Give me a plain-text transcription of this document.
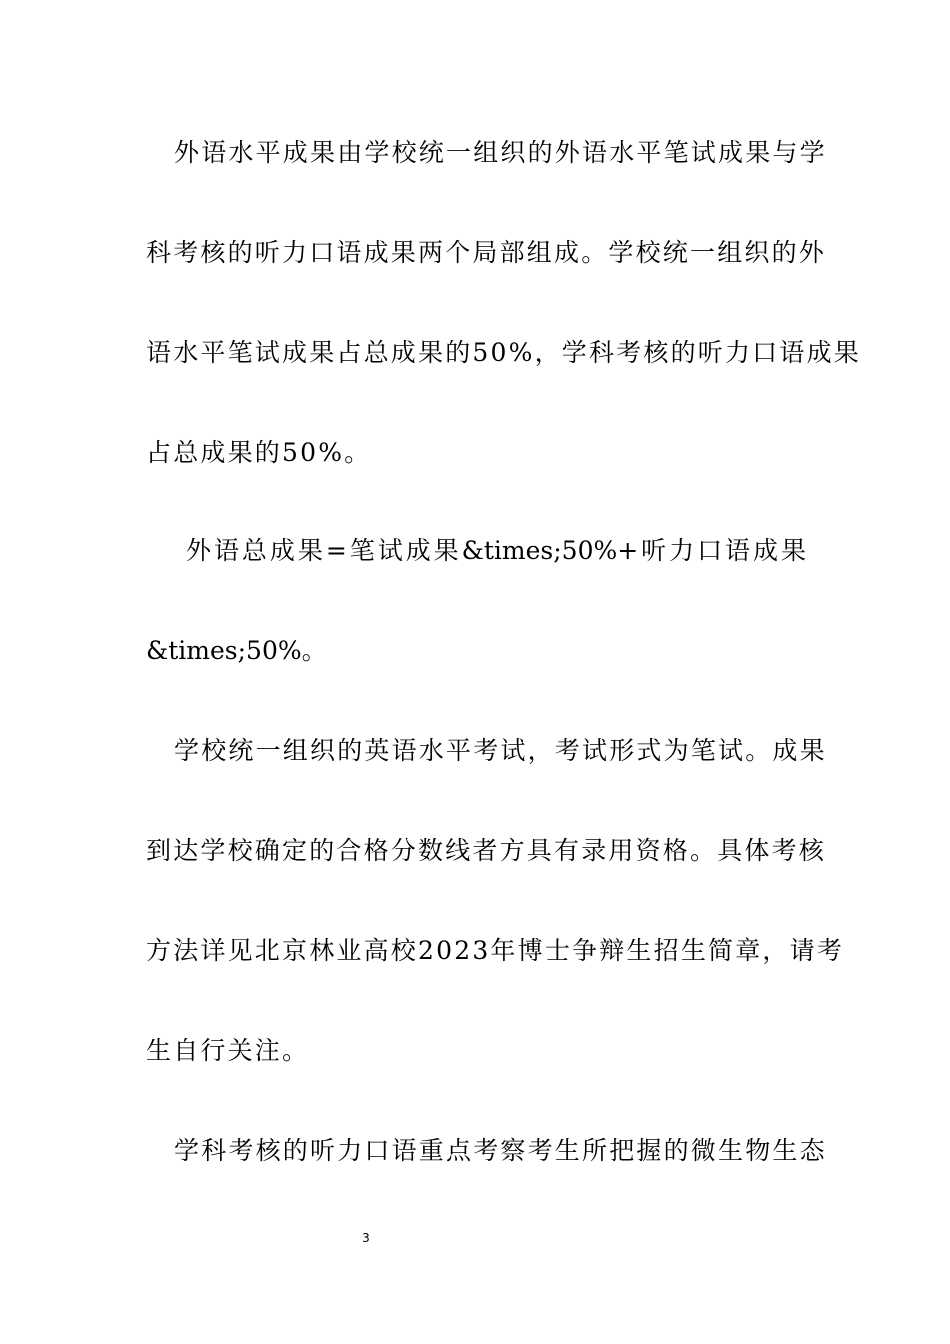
外语水平成果由学校统一组织的外语水平笔试成果与学
科考核的听力口语成果两个局部组成。学校统一组织的外
语水平笔试成果占总成果的50%，学科考核的听力口语成果
占总成果的50%。
外语总成果=笔试成果&times;50%+听力口语成果
&times;50%。
学校统一组织的英语水平考试，考试形式为笔试。成果
到达学校确定的合格分数线者方具有录用资格。具体考核
方法详见北京林业高校2023年博士争辩生招生简章，请考
生自行关注。
学科考核的听力口语重点考察考生所把握的微生物生态
3
